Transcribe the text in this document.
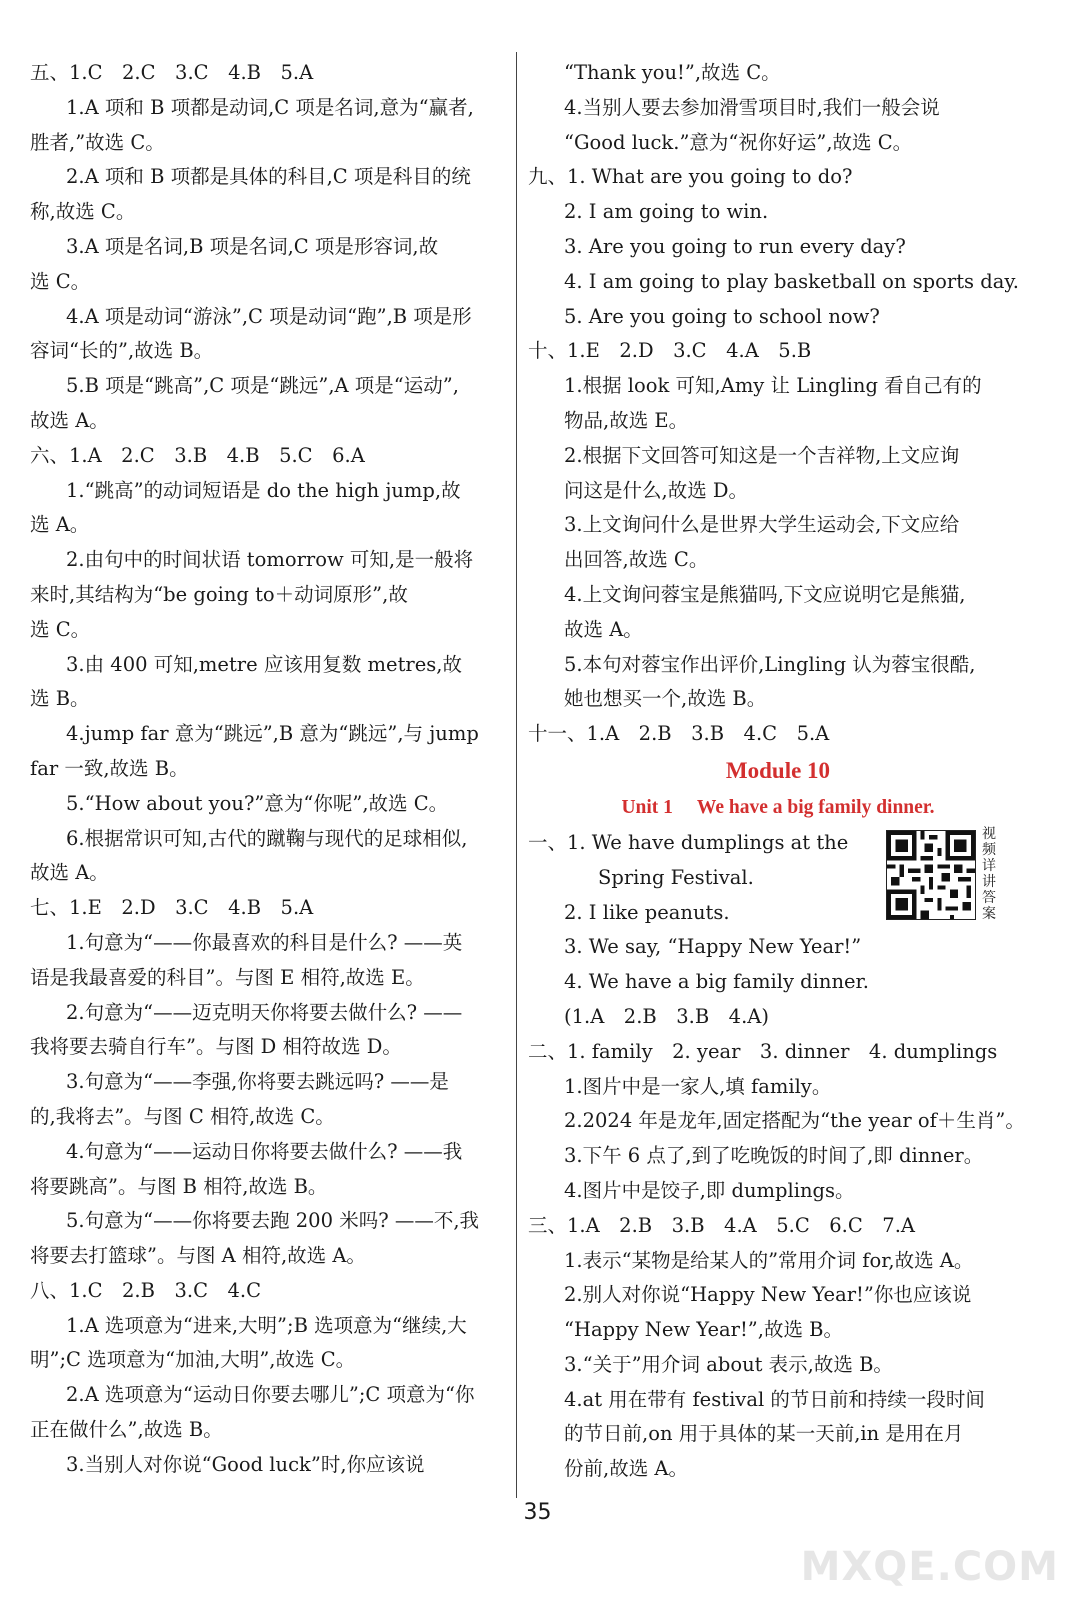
五、1.C　2.C　3.C　4.B　5.A
1.A 项和 B 项都是动词,C 项是名词,意为“赢者,
胜者,”故选 C。
2.A 项和 B 项都是具体的科目,C 项是科目的统
称,故选 C。
3.A 项是名词,B 项是名词,C 项是形容词,故
选 C。
4.A 项是动词“游泳”,C 项是动词“跑”,B 项是形
容词“长的”,故选 B。
5.B 项是“跳高”,C 项是“跳远”,A 项是“运动”,
故选 A。
六、1.A　2.C　3.B　4.B　5.C　6.A
1.“跳高”的动词短语是 do the high jump,故
选 A。
2.由句中的时间状语 tomorrow 可知,是一般将
来时,其结构为“be going to＋动词原形”,故
选 C。
3.由 400 可知,metre 应该用复数 metres,故
选 B。
4.jump far 意为“跳远”,B 意为“跳远”,与 jump
far 一致,故选 B。
5.“How about you?”意为“你呢”,故选 C。
6.根据常识可知,古代的蹴鞠与现代的足球相似,
故选 A。
七、1.E　2.D　3.C　4.B　5.A
1.句意为“——你最喜欢的科目是什么? ——英
语是我最喜爱的科目”。与图 E 相符,故选 E。
2.句意为“——迈克明天你将要去做什么? ——
我将要去骑自行车”。与图 D 相符故选 D。
3.句意为“——李强,你将要去跳远吗? ——是
的,我将去”。与图 C 相符,故选 C。
4.句意为“——运动日你将要去做什么? ——我
将要跳高”。与图 B 相符,故选 B。
5.句意为“——你将要去跑 200 米吗? ——不,我
将要去打篮球”。与图 A 相符,故选 A。
八、1.C　2.B　3.C　4.C
1.A 选项意为“进来,大明”;B 选项意为“继续,大
明”;C 选项意为“加油,大明”,故选 C。
2.A 选项意为“运动日你要去哪儿”;C 项意为“你
正在做什么”,故选 B。
3.当别人对你说“Good luck”时,你应该说
“Thank you!”,故选 C。
4.当别人要去参加滑雪项目时,我们一般会说
“Good luck.”意为“祝你好运”,故选 C。
九、1. What are you going to do?
2. I am going to win.
3. Are you going to run every day?
4. I am going to play basketball on sports day.
5. Are you going to school now?
十、1.E　2.D　3.C　4.A　5.B
1.根据 look 可知,Amy 让 Lingling 看自己有的
物品,故选 E。
2.根据下文回答可知这是一个吉祥物,上文应询
问这是什么,故选 D。
3.上文询问什么是世界大学生运动会,下文应给
出回答,故选 C。
4.上文询问蓉宝是熊猫吗,下文应说明它是熊猫,
故选 A。
5.本句对蓉宝作出评价,Lingling 认为蓉宝很酷,
她也想买一个,故选 B。
十一、1.A　2.B　3.B　4.C　5.A
Module 10
Unit 1 We have a big family dinner.
视频详讲答案
一、1. We have dumplings at the
Spring Festival.
2. I like peanuts.
3. We say, “Happy New Year!”
4. We have a big family dinner.
(1.A　2.B　3.B　4.A)
二、1. family　2. year　3. dinner　4. dumplings
1.图片中是一家人,填 family。
2.2024 年是龙年,固定搭配为“the year of＋生肖”。
3.下午 6 点了,到了吃晚饭的时间了,即 dinner。
4.图片中是饺子,即 dumplings。
三、1.A　2.B　3.B　4.A　5.C　6.C　7.A
1.表示“某物是给某人的”常用介词 for,故选 A。
2.别人对你说“Happy New Year!”你也应该说
“Happy New Year!”,故选 B。
3.“关于”用介词 about 表示,故选 B。
4.at 用在带有 festival 的节日前和持续一段时间
的节日前,on 用于具体的某一天前,in 是用在月
份前,故选 A。
35
MXQE.COM
